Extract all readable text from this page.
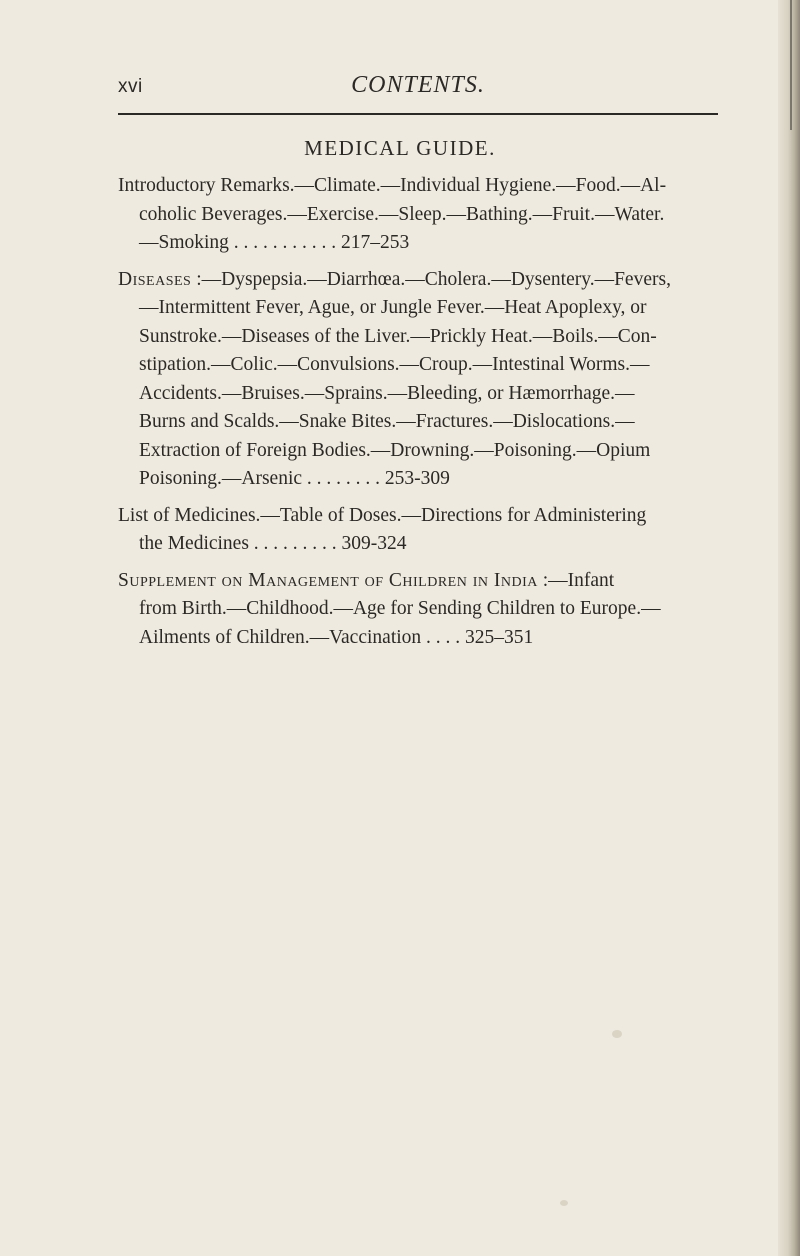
xvi	CONTENTS.
MEDICAL GUIDE.
Introductory Remarks.—Climate.—Individual Hygiene.—Food.—Al-
coholic Beverages.—Exercise.—Sleep.—Bathing.—Fruit.—Water.
—Smoking . . . . . . . . . . . 217–253
Diseases :—Dyspepsia.—Diarrhœa.—Cholera.—Dysentery.—Fevers,
—Intermittent Fever, Ague, or Jungle Fever.—Heat Apoplexy, or
Sunstroke.—Diseases of the Liver.—Prickly Heat.—Boils.—Con-
stipation.—Colic.—Convulsions.—Croup.—Intestinal Worms.—
Accidents.—Bruises.—Sprains.—Bleeding, or Hæmorrhage.—
Burns and Scalds.—Snake Bites.—Fractures.—Dislocations.—
Extraction of Foreign Bodies.—Drowning.—Poisoning.—Opium
Poisoning.—Arsenic . . . . . . . . 253-309
List of Medicines.—Table of Doses.—Directions for Administering
the Medicines . . . . . . . . . 309-324
Supplement on Management of Children in India :—Infant
from Birth.—Childhood.—Age for Sending Children to Europe.—
Ailments of Children.—Vaccination . . . . 325–351
